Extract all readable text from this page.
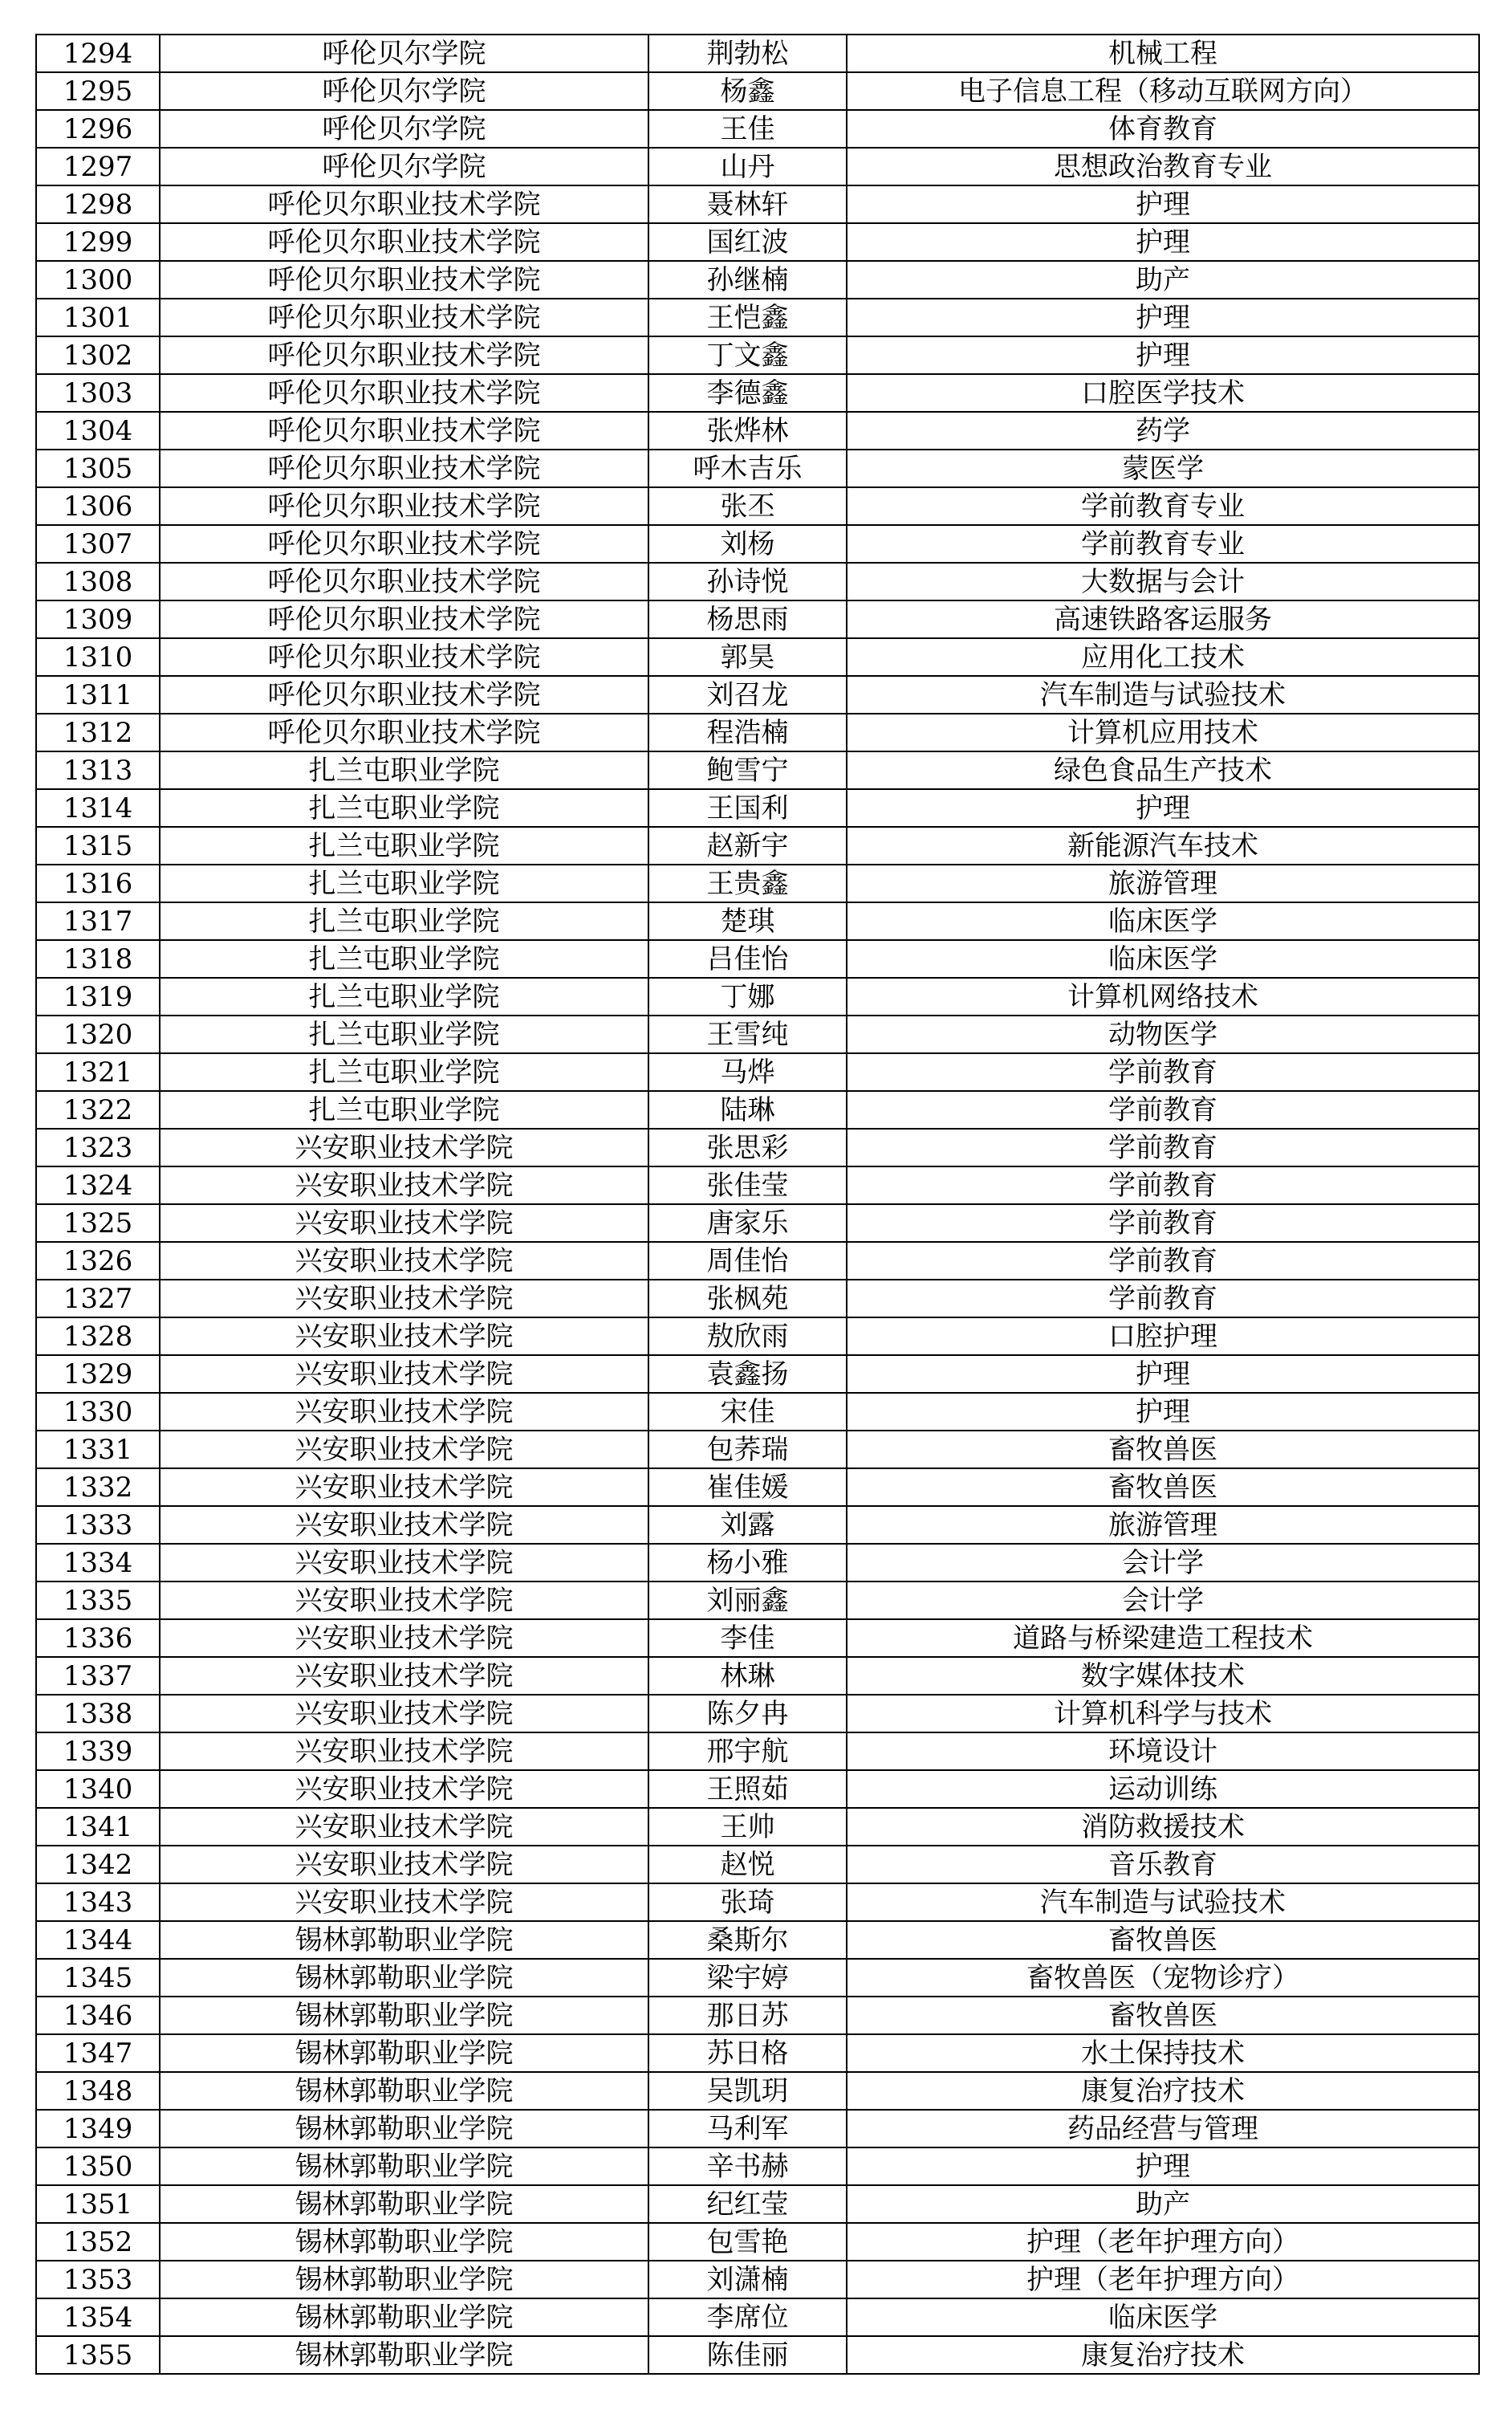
1294	呼伦贝尔学院	荆勃松	机械工程
1295	呼伦贝尔学院	杨鑫	电子信息工程（移动互联网方向）
1296	呼伦贝尔学院	王佳	体育教育
1297	呼伦贝尔学院	山丹	思想政治教育专业
1298	呼伦贝尔职业技术学院	聂林轩	护理
1299	呼伦贝尔职业技术学院	国红波	护理
1300	呼伦贝尔职业技术学院	孙继楠	助产
1301	呼伦贝尔职业技术学院	王恺鑫	护理
1302	呼伦贝尔职业技术学院	丁文鑫	护理
1303	呼伦贝尔职业技术学院	李德鑫	口腔医学技术
1304	呼伦贝尔职业技术学院	张烨林	药学
1305	呼伦贝尔职业技术学院	呼木吉乐	蒙医学
1306	呼伦贝尔职业技术学院	张丕	学前教育专业
1307	呼伦贝尔职业技术学院	刘杨	学前教育专业
1308	呼伦贝尔职业技术学院	孙诗悦	大数据与会计
1309	呼伦贝尔职业技术学院	杨思雨	高速铁路客运服务
1310	呼伦贝尔职业技术学院	郭昊	应用化工技术
1311	呼伦贝尔职业技术学院	刘召龙	汽车制造与试验技术
1312	呼伦贝尔职业技术学院	程浩楠	计算机应用技术
1313	扎兰屯职业学院	鲍雪宁	绿色食品生产技术
1314	扎兰屯职业学院	王国利	护理
1315	扎兰屯职业学院	赵新宇	新能源汽车技术
1316	扎兰屯职业学院	王贵鑫	旅游管理
1317	扎兰屯职业学院	楚琪	临床医学
1318	扎兰屯职业学院	吕佳怡	临床医学
1319	扎兰屯职业学院	丁娜	计算机网络技术
1320	扎兰屯职业学院	王雪纯	动物医学
1321	扎兰屯职业学院	马烨	学前教育
1322	扎兰屯职业学院	陆琳	学前教育
1323	兴安职业技术学院	张思彩	学前教育
1324	兴安职业技术学院	张佳莹	学前教育
1325	兴安职业技术学院	唐家乐	学前教育
1326	兴安职业技术学院	周佳怡	学前教育
1327	兴安职业技术学院	张枫苑	学前教育
1328	兴安职业技术学院	敖欣雨	口腔护理
1329	兴安职业技术学院	袁鑫扬	护理
1330	兴安职业技术学院	宋佳	护理
1331	兴安职业技术学院	包荞瑞	畜牧兽医
1332	兴安职业技术学院	崔佳媛	畜牧兽医
1333	兴安职业技术学院	刘露	旅游管理
1334	兴安职业技术学院	杨小雅	会计学
1335	兴安职业技术学院	刘丽鑫	会计学
1336	兴安职业技术学院	李佳	道路与桥梁建造工程技术
1337	兴安职业技术学院	林琳	数字媒体技术
1338	兴安职业技术学院	陈夕冉	计算机科学与技术
1339	兴安职业技术学院	邢宇航	环境设计
1340	兴安职业技术学院	王照茹	运动训练
1341	兴安职业技术学院	王帅	消防救援技术
1342	兴安职业技术学院	赵悦	音乐教育
1343	兴安职业技术学院	张琦	汽车制造与试验技术
1344	锡林郭勒职业学院	桑斯尔	畜牧兽医
1345	锡林郭勒职业学院	梁宇婷	畜牧兽医（宠物诊疗）
1346	锡林郭勒职业学院	那日苏	畜牧兽医
1347	锡林郭勒职业学院	苏日格	水土保持技术
1348	锡林郭勒职业学院	吴凯玥	康复治疗技术
1349	锡林郭勒职业学院	马利军	药品经营与管理
1350	锡林郭勒职业学院	辛书赫	护理
1351	锡林郭勒职业学院	纪红莹	助产
1352	锡林郭勒职业学院	包雪艳	护理（老年护理方向）
1353	锡林郭勒职业学院	刘潇楠	护理（老年护理方向）
1354	锡林郭勒职业学院	李席位	临床医学
1355	锡林郭勒职业学院	陈佳丽	康复治疗技术
